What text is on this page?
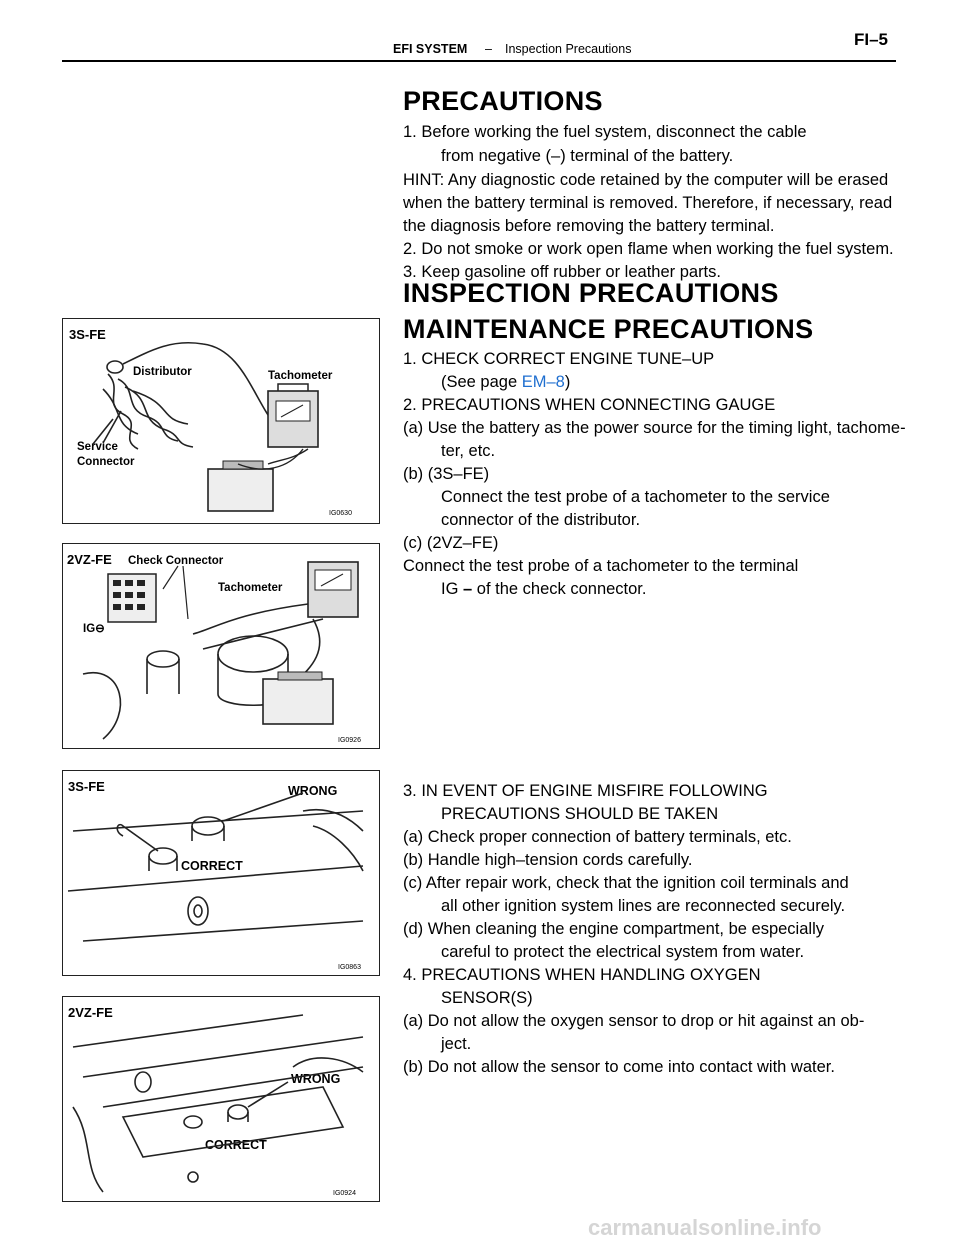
EFI SYSTEM – Inspection Precautions	FI–5
PRECAUTIONS
1. Before working the fuel system, disconnect the cable
from negative (–) terminal of the battery.
HINT: Any diagnostic code retained by the computer will be erased
when the battery terminal is removed. Therefore, if necessary, read
the diagnosis before removing the battery terminal.
2. Do not smoke or work open flame when working the fuel system.
3. Keep gasoline off rubber or leather parts.
INSPECTION PRECAUTIONS
MAINTENANCE PRECAUTIONS
1. CHECK CORRECT ENGINE TUNE–UP
(See page EM–8)
2. PRECAUTIONS WHEN CONNECTING GAUGE
(a) Use the battery as the power source for the timing light, tachome-
ter, etc.
(b) (3S–FE)
Connect the test probe of a tachometer to the service
connector of the distributor.
(c) (2VZ–FE)
Connect the test probe of a tachometer to the terminal
IG – of the check connector.
3. IN EVENT OF ENGINE MISFIRE FOLLOWING
PRECAUTIONS SHOULD BE TAKEN
(a) Check proper connection of battery terminals, etc.
(b) Handle high–tension cords carefully.
(c) After repair work, check that the ignition coil terminals and
all other ignition system lines are reconnected securely.
(d) When cleaning the engine compartment, be especially
careful to protect the electrical system from water.
4. PRECAUTIONS WHEN HANDLING OXYGEN
SENSOR(S)
(a) Do not allow the oxygen sensor to drop or hit against an ob-
ject.
(b) Do not allow the sensor to come into contact with water.
3S-FE
Distributor	Tachometer
Service
Connector
IG0630
2VZ-FE Check Connector
Tachometer
IG⊖
IG0926
3S-FE	WRONG
CORRECT
IG0863
2VZ-FE
WRONG
CORRECT
IG0924
carmanualsonline.info
